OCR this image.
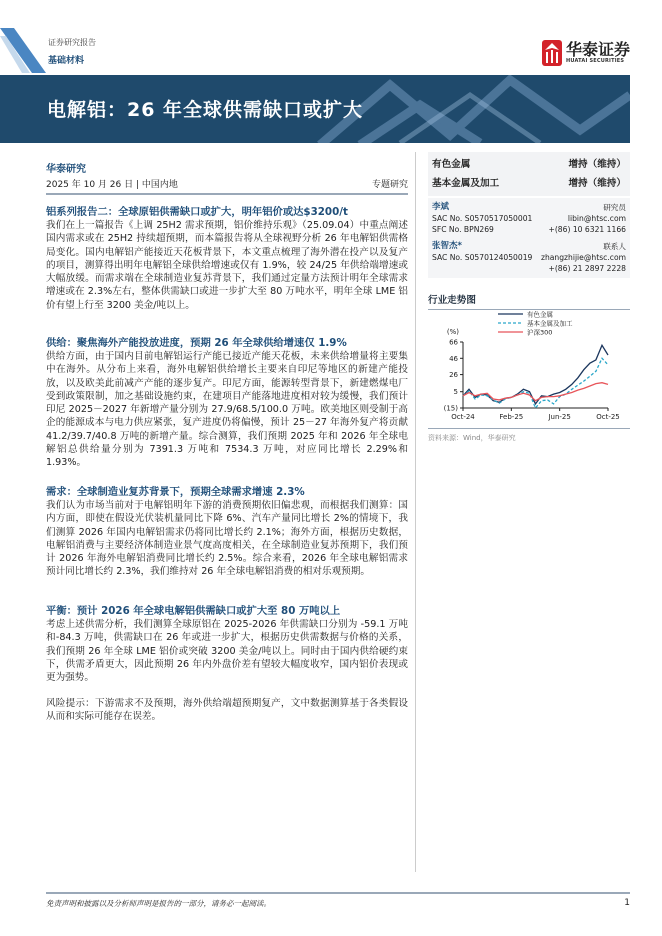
证券研究报告
基础材料
华泰证券
HUATAI SECURITIES
电解铝：26 年全球供需缺口或扩大
华泰研究
2025 年 10 月 26 日 | 中国内地	专题研究
铝系列报告二：全球原铝供需缺口或扩大，明年铝价或达$3200/t

我们在上一篇报告《上调 25H2 需求预期，铝价维持乐观》（25.09.04）中重点阐述国内需求或在 25H2 持续超预期，而本篇报告将从全球视野分析 26 年电解铝供需格局变化。国内电解铝产能接近天花板背景下，本文重点梳理了海外潜在投产以及复产的项目，测算得出明年电解铝全球供给增速或仅有 1.9%，较 24/25 年供给端增速或大幅放缓。而需求端在全球制造业复苏背景下，我们通过定量方法预计明年全球需求增速或在 2.3%左右，整体供需缺口或进一步扩大至 80 万吨水平，明年全球 LME 铝价有望上行至 3200 美金/吨以上。

供给：聚焦海外产能投放进度，预期 26 年全球供给增速仅 1.9%

供给方面，由于国内目前电解铝运行产能已接近产能天花板，未来供给增量将主要集中在海外。从分布上来看，海外电解铝供给增长主要来自印尼等地区的新建产能投放，以及欧美此前减产产能的逐步复产。印尼方面，能源转型背景下，新建燃煤电厂受到政策限制，加之基础设施约束，在建项目产能落地进度相对较为缓慢，我们预计印尼 2025－2027 年新增产量分别为 27.9/68.5/100.0 万吨。欧美地区则受制于高企的能源成本与电力供应紧张，复产进度仍将偏慢，预计 25－27 年海外复产将贡献 41.2/39.7/40.8 万吨的新增产量。综合测算，我们预期 2025 年和 2026 年全球电解铝总供给量分别为 7391.3 万吨和 7534.3 万吨，对应同比增长 2.29%和 1.93%。

需求：全球制造业复苏背景下，预期全球需求增速 2.3%

我们认为市场当前对于电解铝明年下游的消费预期依旧偏悲观，而根据我们测算：国内方面，即使在假设光伏装机量同比下降 6%、汽车产量同比增长 2%的情境下，我们测算 2026 年国内电解铝需求仍将同比增长约 2.1%；海外方面，根据历史数据，电解铝消费与主要经济体制造业景气度高度相关，在全球制造业复苏预期下，我们预计 2026 年海外电解铝消费同比增长约 2.5%。综合来看，2026 年全球电解铝需求预计同比增长约 2.3%，我们维持对 26 年全球电解铝消费的相对乐观预期。

平衡：预计 2026 年全球电解铝供需缺口或扩大至 80 万吨以上

考虑上述供需分析，我们测算全球原铝在 2025-2026 年供需缺口分别为 -59.1 万吨和-84.3 万吨，供需缺口在 26 年或进一步扩大，根据历史供需数据与价格的关系，我们预期 26 年全球 LME 铝价或突破 3200 美金/吨以上。同时由于国内供给硬约束下，供需矛盾更大，因此预期 26 年内外盘价差有望较大幅度收窄，国内铝价表现或更为强势。

风险提示：下游需求不及预期，海外供给端超预期复产，文中数据测算基于各类假设从而和实际可能存在误差。

有色金属	增持（维持）
基本金属及加工	增持（维持）
李斌	研究员
SAC No. S0570517050001	libin@htsc.com
SFC No. BPN269	+(86) 10 6321 1166
张智杰*	联系人
SAC No. S0570124050019 zhangzhijie@htsc.com
+(86) 21 2897 2228
行业走势图
(%)
66
46
26
5
(15)
Oct-24	Feb-25	Jun-25	Oct-25
有色金属
基本金属及加工
沪深300
资料来源：Wind，华泰研究
免责声明和披露以及分析师声明是报告的一部分，请务必一起阅读。	1
